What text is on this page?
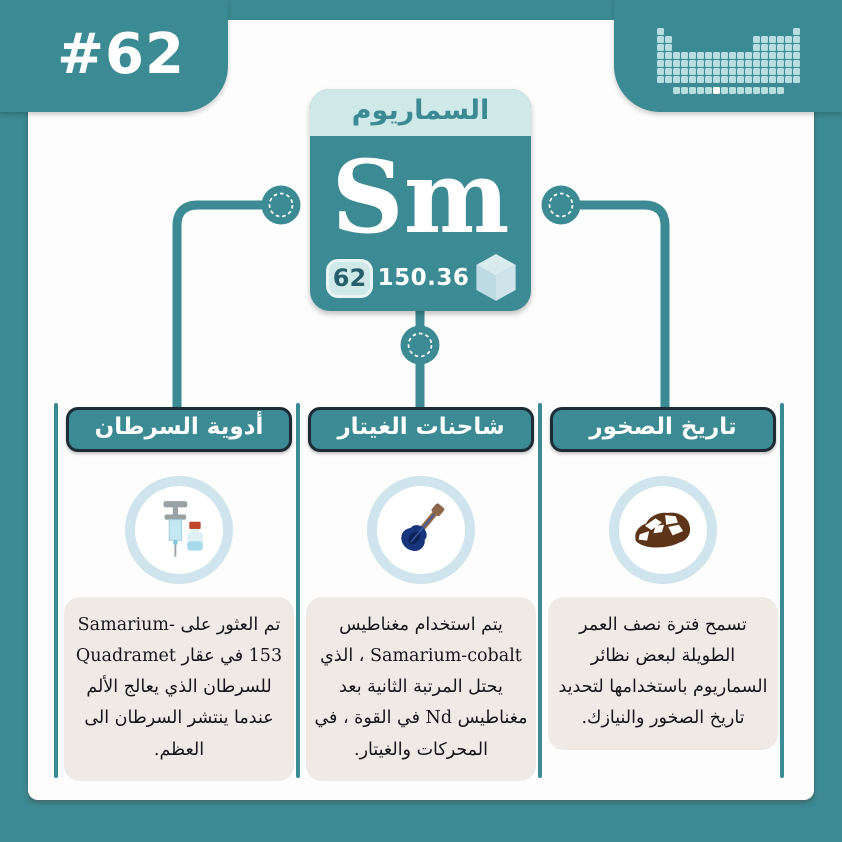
#62
السماريوم
Sm
62 150.36
أدوية السرطان
تم العثور على Samarium-153 في عقار Quadramet للسرطان الذي يعالج الألم عندما ينتشر السرطان الى العظم.
شاحنات الغيتار
يتم استخدام مغناطيس Samarium-cobalt ، الذي يحتل المرتبة الثانية بعد مغناطيس Nd في القوة ، في المحركات والغيتار.
تاريخ الصخور
تسمح فترة نصف العمر الطويلة لبعض نظائر السماريوم باستخدامها لتحديد تاريخ الصخور والنيازك.
